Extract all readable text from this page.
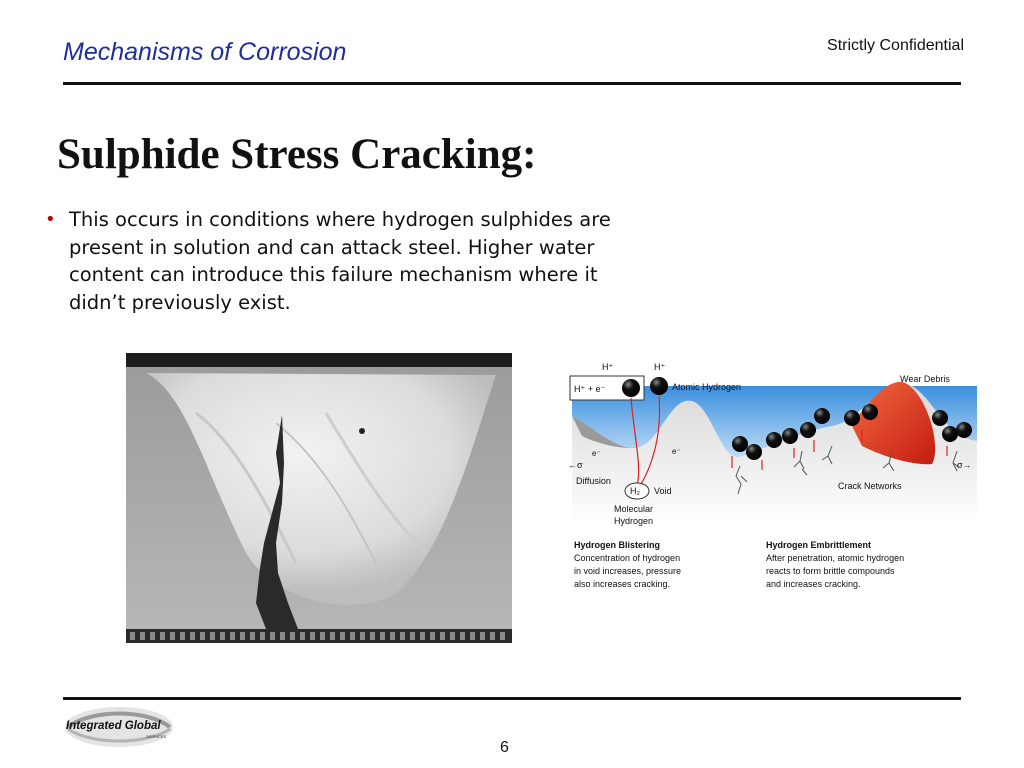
Mechanisms of Corrosion	Strictly Confidential
Sulphide Stress Cracking:
• This occurs in conditions where hydrogen sulphides are present in solution and can attack steel. Higher water content can introduce this failure mechanism where it didn’t previously exist.
H⁺	H⁺
H⁺ + e⁻	Atomic Hydrogen
Wear Debris
e⁻	e⁻
←σ	σ→
Diffusion
H₂ Void
Molecular
Hydrogen
Crack Networks
Hydrogen Blistering
Concentration of hydrogen
in void increases, pressure
also increases cracking.
Hydrogen Embrittlement
After penetration, atomic hydrogen
reacts to form brittle compounds
and increases cracking.
Integrated Global
SERVICES
6
